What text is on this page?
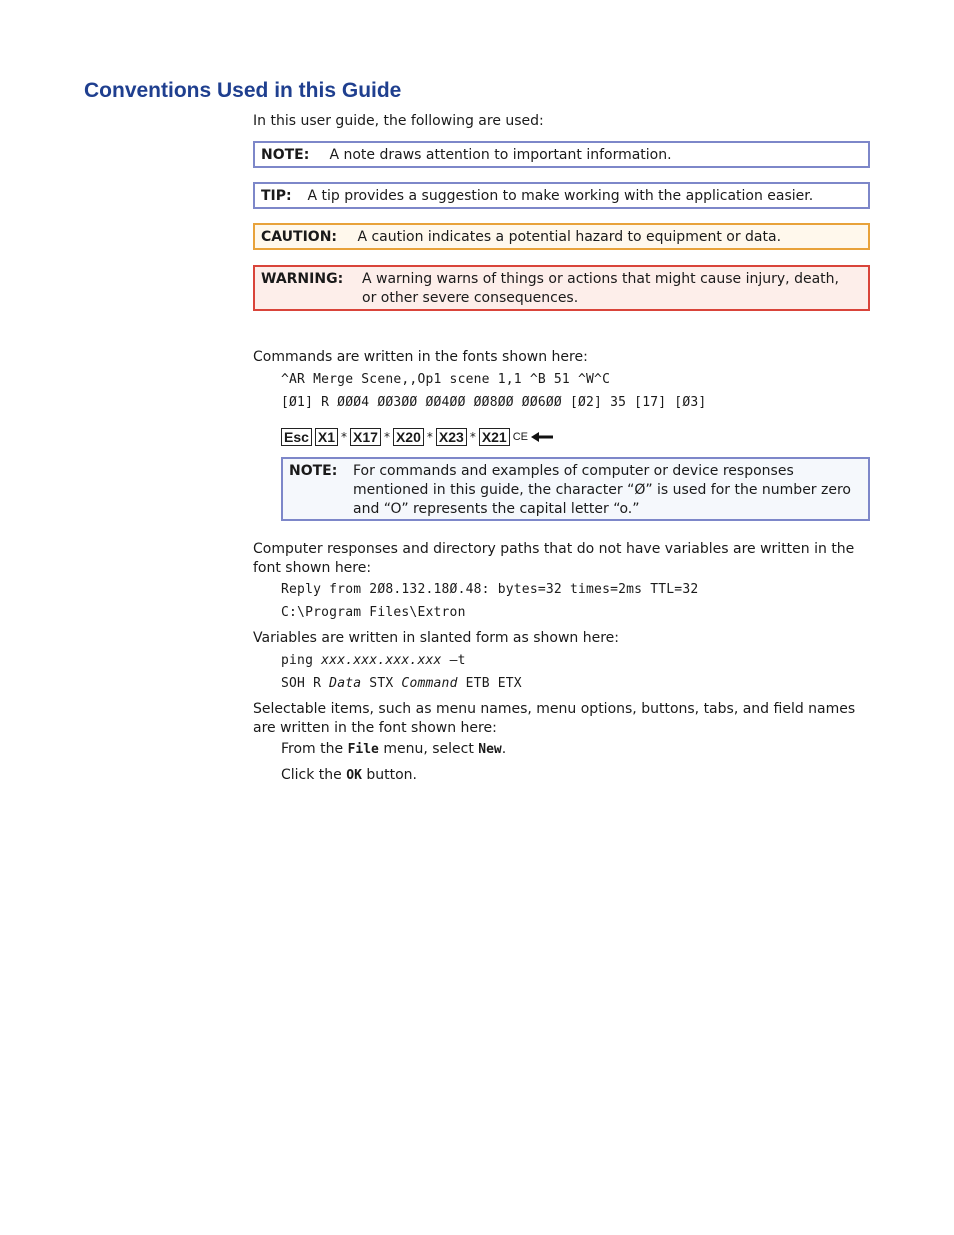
Conventions Used in this Guide
In this user guide, the following are used:
NOTE: A note draws attention to important information.
TIP: A tip provides a suggestion to make working with the application easier.
CAUTION: A caution indicates a potential hazard to equipment or data.
WARNING:	A warning warns of things or actions that might cause injury, death, or other severe consequences.
Commands are written in the fonts shown here:
^AR Merge Scene,,Op1 scene 1,1 ^B 51 ^W^C
[Ø1] R ØØØ4 ØØ3ØØ ØØ4ØØ ØØ8ØØ ØØ6ØØ [Ø2] 35 [17] [Ø3]
Esc X1 * X17 * X20 * X23 * X21 CE
NOTE:	For commands and examples of computer or device responses mentioned in this guide, the character “Ø” is used for the number zero and “O” represents the capital letter “o.”
Computer responses and directory paths that do not have variables are written in the font shown here:
Reply from 2Ø8.132.18Ø.48: bytes=32 times=2ms TTL=32
C:\Program Files\Extron
Variables are written in slanted form as shown here:
ping xxx.xxx.xxx.xxx —t
SOH R Data STX Command ETB ETX
Selectable items, such as menu names, menu options, buttons, tabs, and field names are written in the font shown here:
From the File menu, select New.
Click the OK button.
